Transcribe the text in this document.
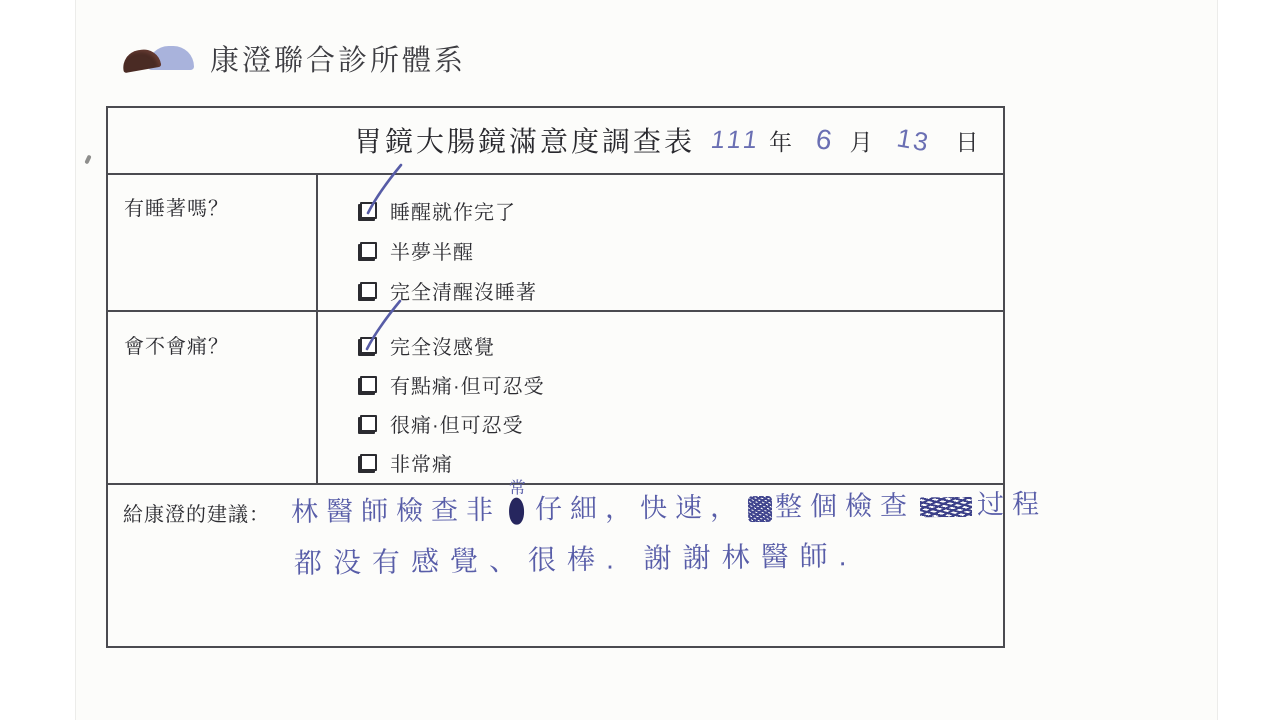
康澄聯合診所體系
胃鏡大腸鏡滿意度調查表 111 年 6 月 13 日
有睡著嗎？	睡醒就作完了
半夢半醒
完全清醒沒睡著
會不會痛？	完全沒感覺
有點痛·但可忍受
很痛·但可忍受
非常痛
給康澄的建議： 林醫師檢查非
常
仔細，快速， 整個檢查 过程
都没有感覺、很棒. 謝謝林醫師.
